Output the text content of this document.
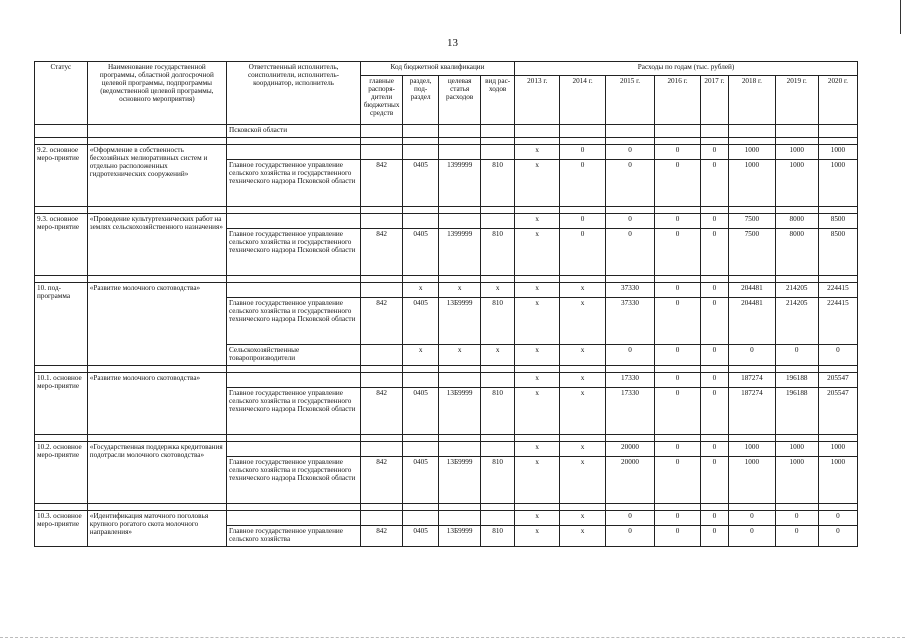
13
Статус	Наименование государственной программы, областной долгосрочной целевой программы, подпрограммы (ведомственной целевой программы, основного мероприятия)	Ответственный исполнитель, соисполнители, исполнитель-координатор, исполнитель	Код бюджетной квалификации				Расходы по годам (тыс. рублей)							
			главные распоря-дители бюджетных средств	раздел, под-раздел	целевая статья расходов	вид рас-ходов	2013 г.	2014 г.	2015 г.	2016 г.	2017 г.	2018 г.	2019 г.	2020 г.
		Псковской области												

9.2. основное меро-приятие	«Оформление в собственность бесхозяйных мелиоративных систем и отдельно расположенных гидротехнических сооружений»						x	0	0	0	0	1000	1000	1000
		Главное государственное управление сельского хозяйства и государственного технического надзора Псковской области	842	0405	1399999	810	x	0	0	0	0	1000	1000	1000

9.3. основное меро-приятие	«Проведение культуртехнических работ на землях сельскохозяйственного назначения»						x	0	0	0	0	7500	8000	8500
		Главное государственное управление сельского хозяйства и государственного технического надзора Псковской области	842	0405	1399999	810	x	0	0	0	0	7500	8000	8500

10. под-программа	«Развитие молочного скотоводства»			x	x	x	x	x	37330	0	0	204481	214205	224415
		Главное государственное управление сельского хозяйства и государственного технического надзора Псковской области	842	0405	13Б9999	810	x	x	37330	0	0	204481	214205	224415
		Сельскохозяйственные товаропроизводители		x	x	x	x	x	0	0	0	0	0	0

10.1. основное меро-приятие	«Развитие молочного скотоводства»						x	x	17330	0	0	187274	196188	205547
		Главное государственное управление сельского хозяйства и государственного технического надзора Псковской области	842	0405	13Б9999	810	x	x	17330	0	0	187274	196188	205547

10.2. основное меро-приятие	«Государственная поддержка кредитования подотрасли молочного скотоводства»						x	x	20000	0	0	1000	1000	1000
		Главное государственное управление сельского хозяйства и государственного технического надзора Псковской области	842	0405	13Б9999	810	x	x	20000	0	0	1000	1000	1000

10.3. основное меро-приятие	«Идентификация маточного поголовья крупного рогатого скота молочного направления»						x	x	0	0	0	0	0	0
		Главное государственное управление сельского хозяйства	842	0405	13Б9999	810	x	x	0	0	0	0	0	0
